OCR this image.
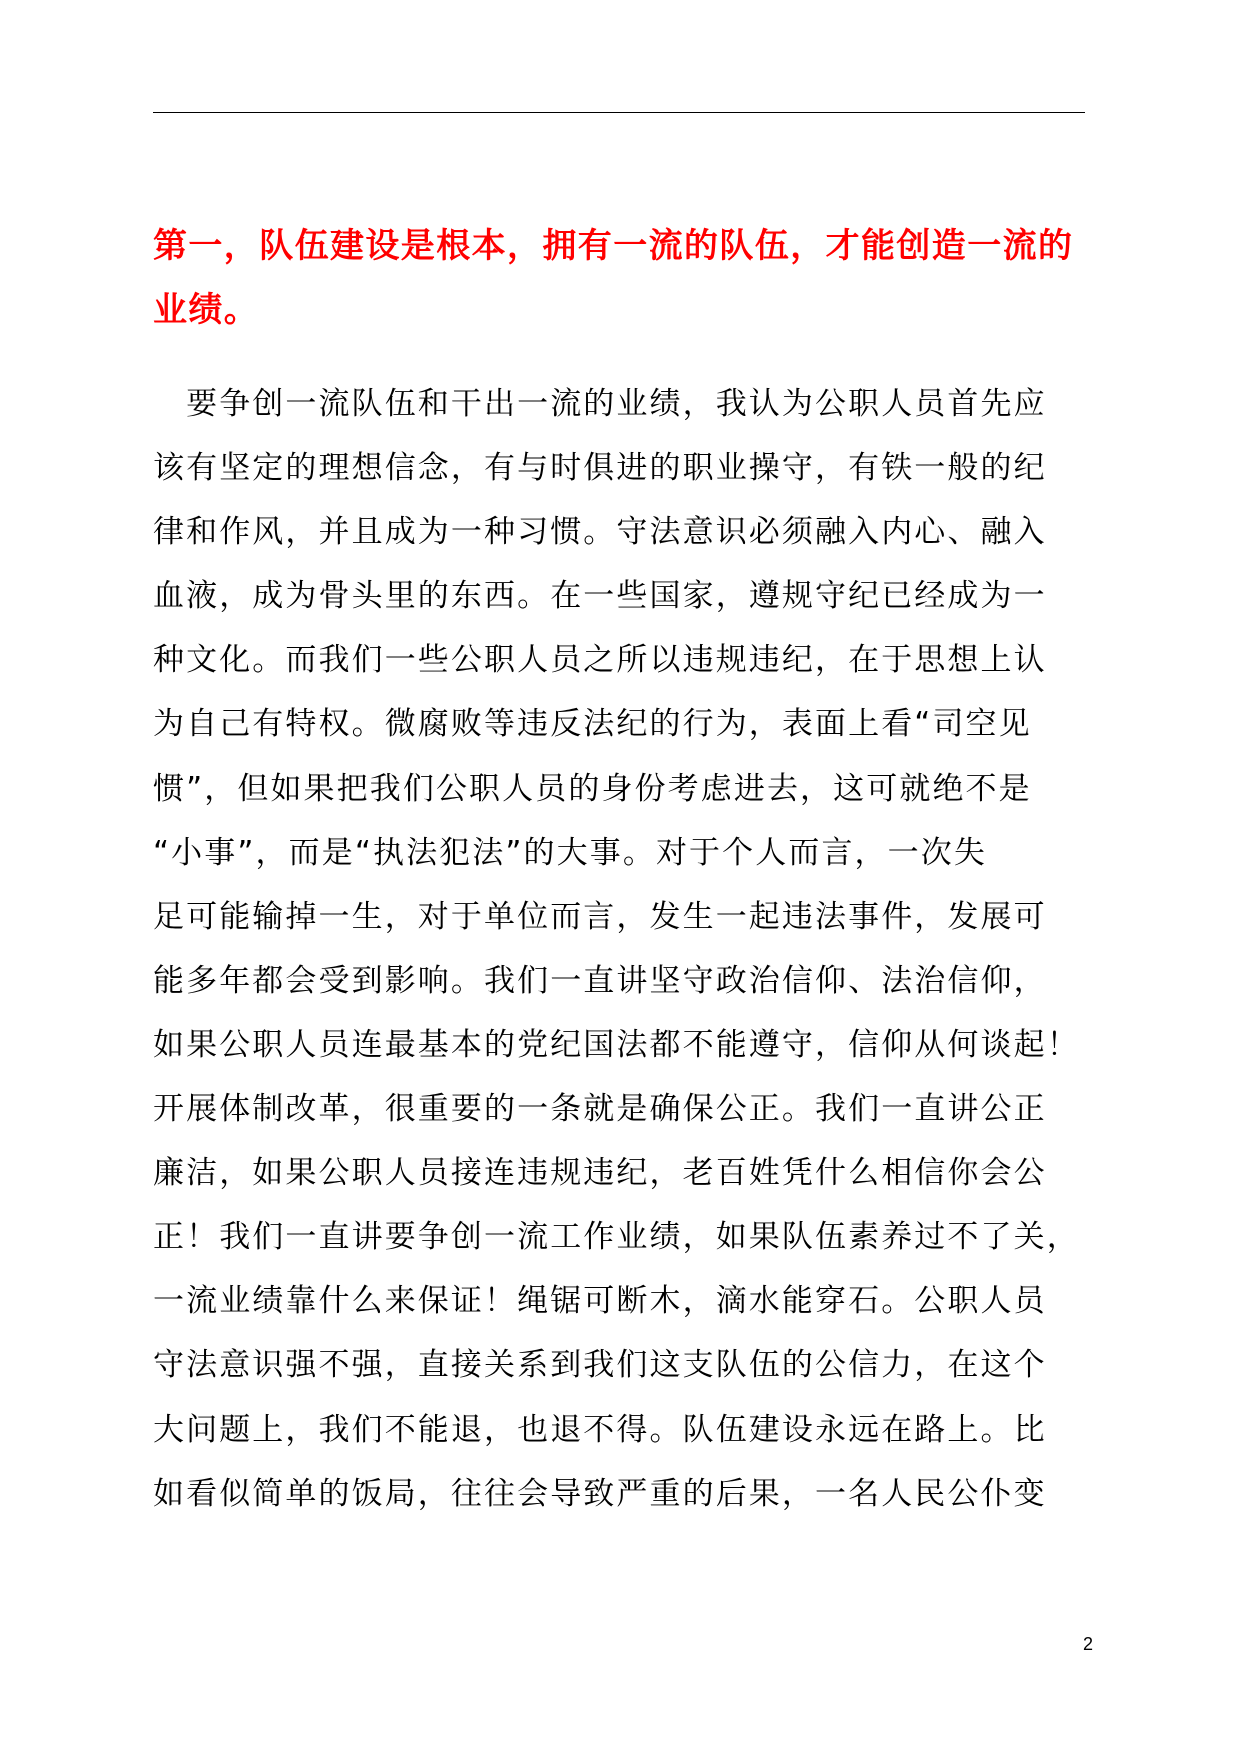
第一，队伍建设是根本，拥有一流的队伍，才能创造一流的
业绩。
　要争创一流队伍和干出一流的业绩，我认为公职人员首先应
该有坚定的理想信念，有与时俱进的职业操守，有铁一般的纪
律和作风，并且成为一种习惯。守法意识必须融入内心、融入
血液，成为骨头里的东西。在一些国家，遵规守纪已经成为一
种文化。而我们一些公职人员之所以违规违纪，在于思想上认
为自己有特权。微腐败等违反法纪的行为，表面上看“司空见
惯”，但如果把我们公职人员的身份考虑进去，这可就绝不是
“小事”，而是“执法犯法”的大事。对于个人而言，一次失
足可能输掉一生，对于单位而言，发生一起违法事件，发展可
能多年都会受到影响。我们一直讲坚守政治信仰、法治信仰，
如果公职人员连最基本的党纪国法都不能遵守，信仰从何谈起！
开展体制改革，很重要的一条就是确保公正。我们一直讲公正
廉洁，如果公职人员接连违规违纪，老百姓凭什么相信你会公
正！我们一直讲要争创一流工作业绩，如果队伍素养过不了关，
一流业绩靠什么来保证！绳锯可断木，滴水能穿石。公职人员
守法意识强不强，直接关系到我们这支队伍的公信力，在这个
大问题上，我们不能退，也退不得。队伍建设永远在路上。比
如看似简单的饭局，往往会导致严重的后果，一名人民公仆变
2
